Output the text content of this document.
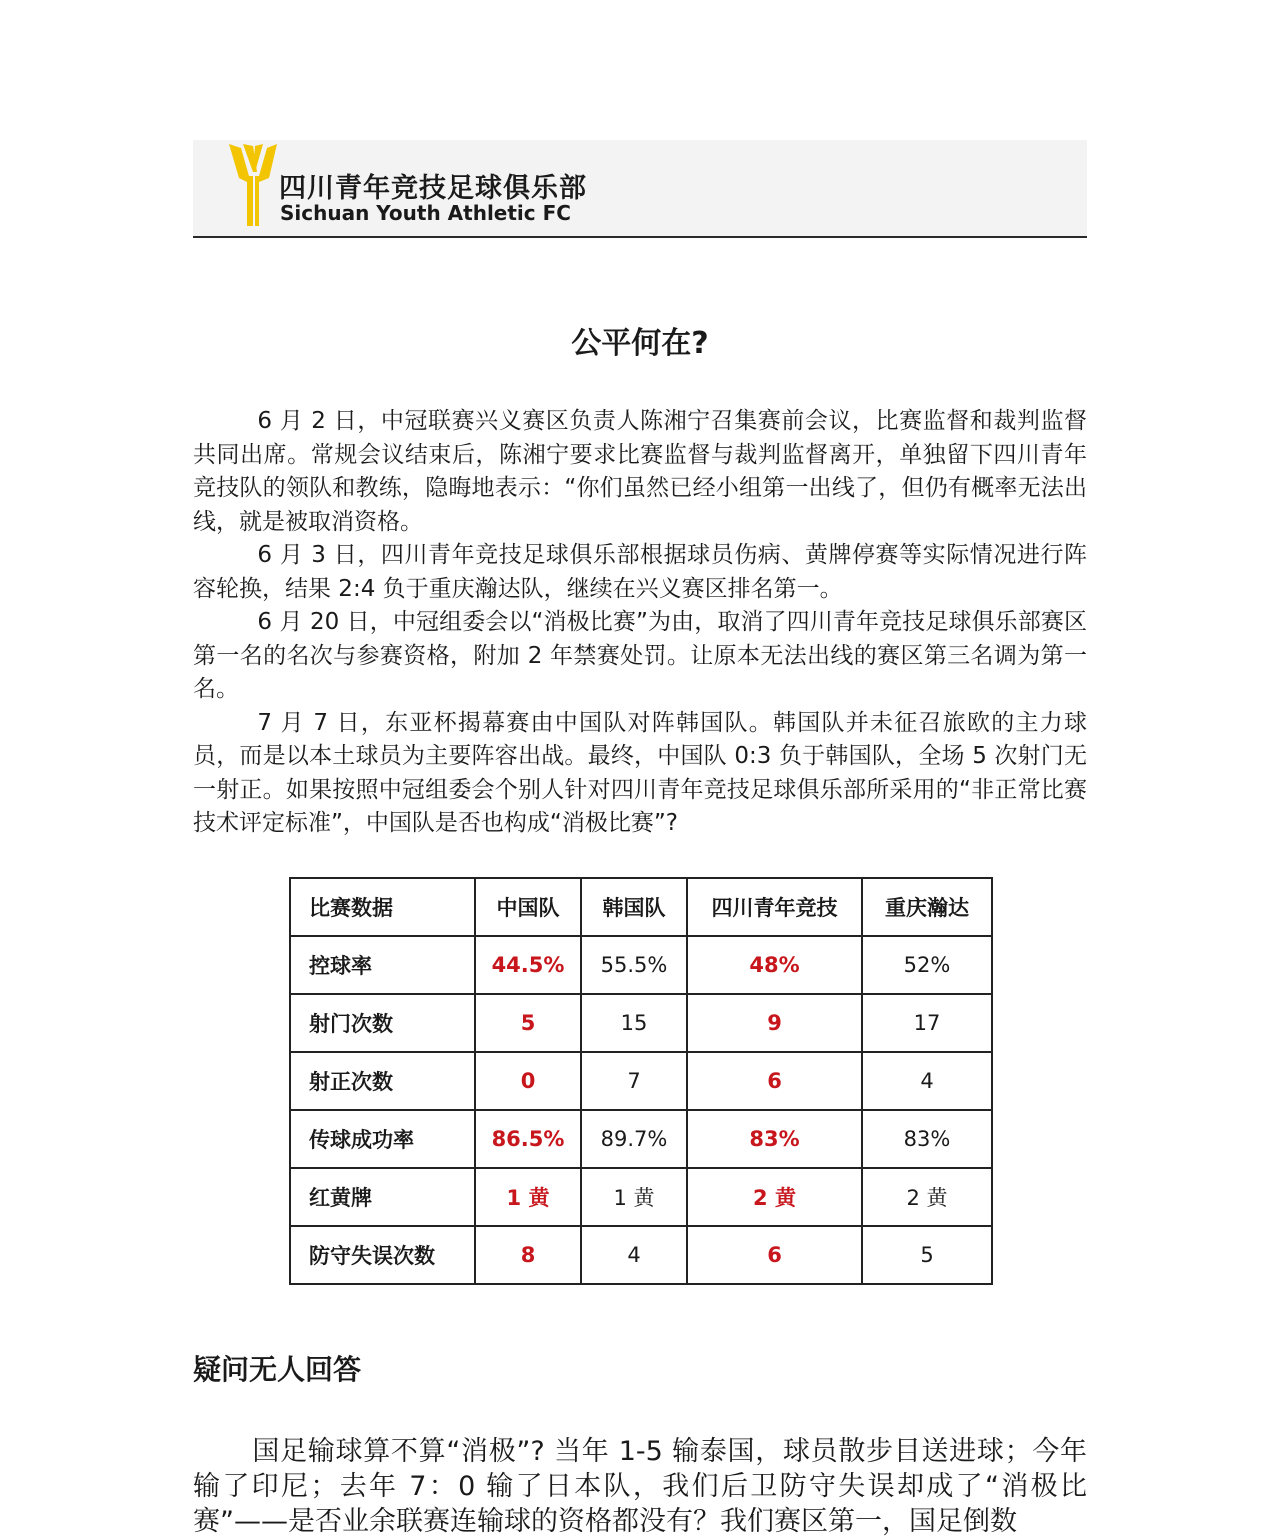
四川青年竞技足球俱乐部
Sichuan Youth Athletic FC
公平何在?

6 月 2 日，中冠联赛兴义赛区负责人陈湘宁召集赛前会议，比赛监督和裁判监督共同出席。常规会议结束后，陈湘宁要求比赛监督与裁判监督离开，单独留下四川青年竞技队的领队和教练，隐晦地表示：“你们虽然已经小组第一出线了，但仍有概率无法出线，就是被取消资格。

6 月 3 日，四川青年竞技足球俱乐部根据球员伤病、黄牌停赛等实际情况进行阵容轮换，结果 2:4 负于重庆瀚达队，继续在兴义赛区排名第一。

6 月 20 日，中冠组委会以“消极比赛”为由，取消了四川青年竞技足球俱乐部赛区第一名的名次与参赛资格，附加 2 年禁赛处罚。让原本无法出线的赛区第三名调为第一名。

7 月 7 日，东亚杯揭幕赛由中国队对阵韩国队。韩国队并未征召旅欧的主力球员，而是以本土球员为主要阵容出战。最终，中国队 0:3 负于韩国队，全场 5 次射门无一射正。如果按照中冠组委会个别人针对四川青年竞技足球俱乐部所采用的“非正常比赛技术评定标准”，中国队是否也构成“消极比赛”?

比赛数据	中国队	韩国队	四川青年竞技	重庆瀚达
控球率	44.5%	55.5%	48%	52%
射门次数	5	15	9	17
射正次数	0	7	6	4
传球成功率	86.5%	89.7%	83%	83%
红黄牌	1 黄	1 黄	2 黄	2 黄
防守失误次数	8	4	6	5
疑问无人回答

国足输球算不算“消极”? 当年 1-5 输泰国，球员散步目送进球；今年输了印尼；去年 7：0 输了日本队，我们后卫防守失误却成了“消极比赛”——是否业余联赛连输球的资格都没有？我们赛区第一，国足倒数
